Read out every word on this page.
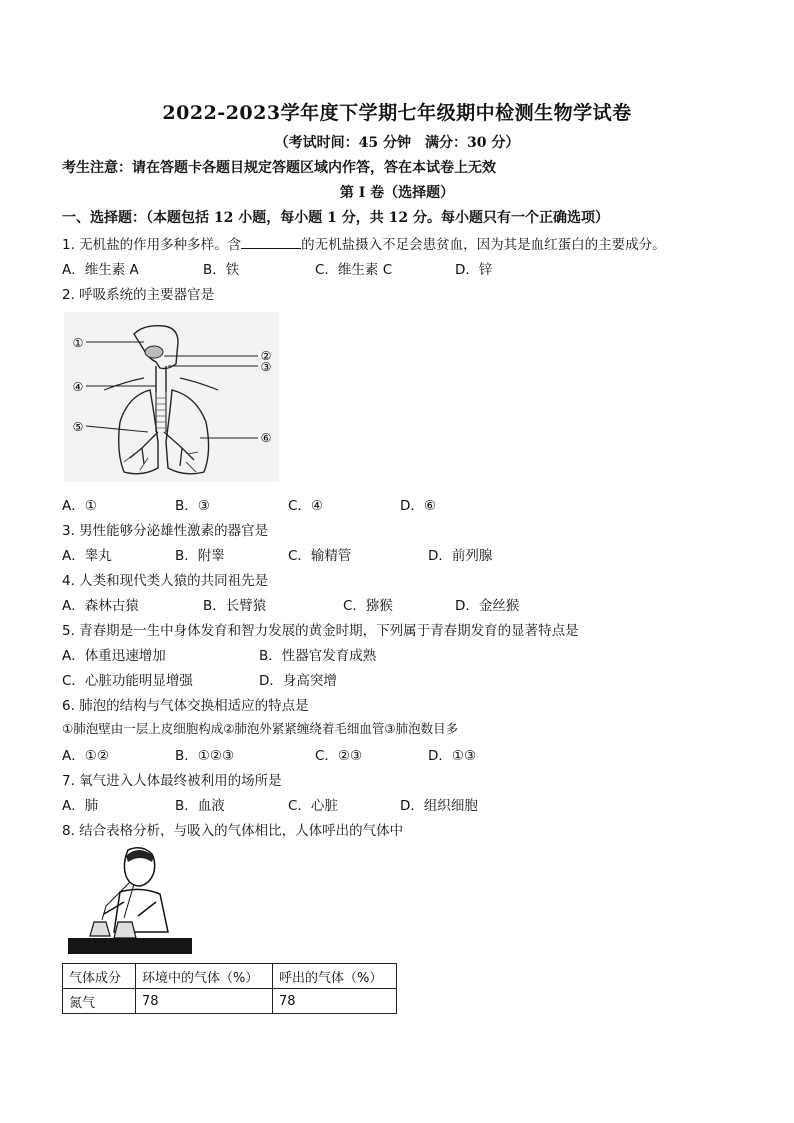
2022-2023学年度下学期七年级期中检测生物学试卷
（考试时间：45 分钟　满分：30 分）
考生注意：请在答题卡各题目规定答题区域内作答，答在本试卷上无效
第 I 卷（选择题）
一、选择题：（本题包括 12 小题，每小题 1 分，共 12 分。每小题只有一个正确选项）
1. 无机盐的作用多种多样。含	的无机盐摄入不足会患贫血，因为其是血红蛋白的主要成分。
A．维生素 A	B．铁	C．维生素 C	D．锌
2. 呼吸系统的主要器官是
①
②
③
④
⑤
⑥
A．①	B．③	C．④	D．⑥
3. 男性能够分泌雄性激素的器官是
A．睾丸	B．附睾	C．输精管	D．前列腺
4. 人类和现代类人猿的共同祖先是
A．森林古猿	B．长臂猿	C．猕猴	D．金丝猴
5. 青春期是一生中身体发育和智力发展的黄金时期，下列属于青春期发育的显著特点是
A．体重迅速增加	B．性器官发育成熟
C．心脏功能明显增强	D．身高突增
6. 肺泡的结构与气体交换相适应的特点是
①肺泡壁由一层上皮细胞构成②肺泡外紧紧缠绕着毛细血管③肺泡数目多
A．①②	B．①②③	C．②③	D．①③
7. 氧气进入人体最终被利用的场所是
A．肺	B．血液	C．心脏	D．组织细胞
8. 结合表格分析，与吸入的气体相比，人体呼出的气体中
气体成分	环境中的气体（%）	呼出的气体（%）
氮气	78	78
